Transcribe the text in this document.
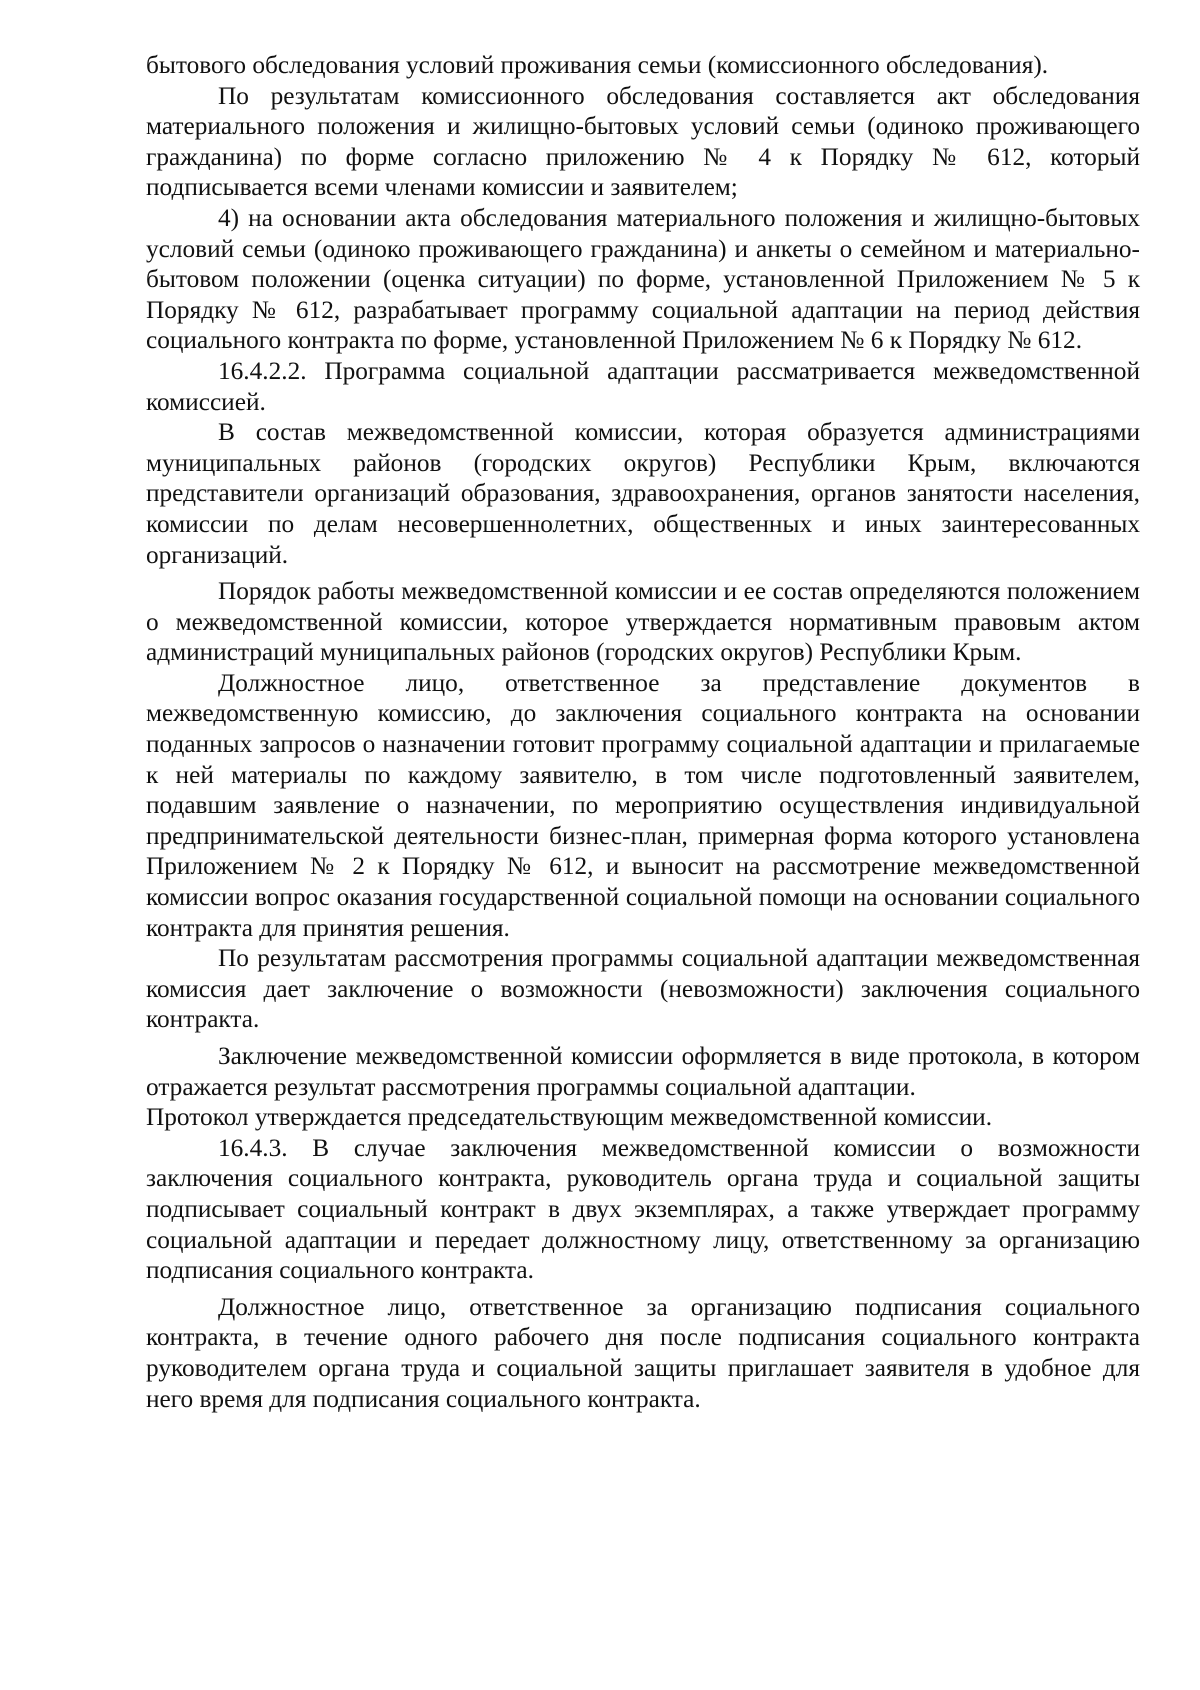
бытового обследования условий проживания семьи (комиссионного обследования).

По результатам комиссионного обследования составляется акт обследования материального положения и жилищно-бытовых условий семьи (одиноко проживающего гражданина) по форме согласно приложению № 4 к Порядку № 612, который подписывается всеми членами комиссии и заявителем;

4) на основании акта обследования материального положения и жилищно-бытовых условий семьи (одиноко проживающего гражданина) и анкеты о семейном и материально-бытовом положении (оценка ситуации) по форме, установленной Приложением № 5 к Порядку № 612, разрабатывает программу социальной адаптации на период действия социального контракта по форме, установленной Приложением № 6 к Порядку № 612.

16.4.2.2. Программа социальной адаптации рассматривается межведомственной комиссией.

В состав межведомственной комиссии, которая образуется администрациями муниципальных районов (городских округов) Республики Крым, включаются представители организаций образования, здравоохранения, органов занятости населения, комиссии по делам несовершеннолетних, общественных и иных заинтересованных организаций.

Порядок работы межведомственной комиссии и ее состав определяются положением о межведомственной комиссии, которое утверждается нормативным правовым актом администраций муниципальных районов (городских округов) Республики Крым.

Должностное лицо, ответственное за представление документов в межведомственную комиссию, до заключения социального контракта на основании поданных запросов о назначении готовит программу социальной адаптации и прилагаемые к ней материалы по каждому заявителю, в том числе подготовленный заявителем, подавшим заявление о назначении, по мероприятию осуществления индивидуальной предпринимательской деятельности бизнес-план, примерная форма которого установлена Приложением № 2 к Порядку № 612, и выносит на рассмотрение межведомственной комиссии вопрос оказания государственной социальной помощи на основании социального контракта для принятия решения.

По результатам рассмотрения программы социальной адаптации межведомственная комиссия дает заключение о возможности (невозможности) заключения социального контракта.

Заключение межведомственной комиссии оформляется в виде протокола, в котором отражается результат рассмотрения программы социальной адаптации.

Протокол утверждается председательствующим межведомственной комиссии.

16.4.3. В случае заключения межведомственной комиссии о возможности заключения социального контракта, руководитель органа труда и социальной защиты подписывает социальный контракт в двух экземплярах, а также утверждает программу социальной адаптации и передает должностному лицу, ответственному за организацию подписания социального контракта.

Должностное лицо, ответственное за организацию подписания социального контракта, в течение одного рабочего дня после подписания социального контракта руководителем органа труда и социальной защиты приглашает заявителя в удобное для него время для подписания социального контракта.
